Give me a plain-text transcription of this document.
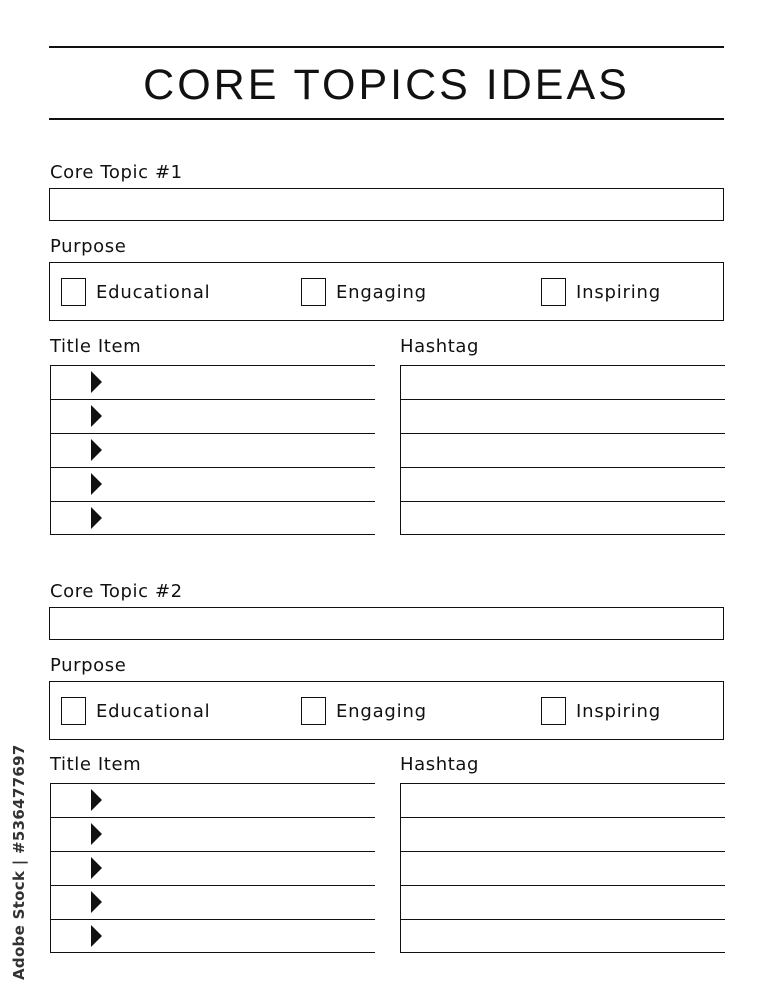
CORE TOPICS IDEAS
Core Topic #1
Purpose
Educational	Engaging	Inspiring
Title Item	Hashtag
Core Topic #2
Purpose
Educational	Engaging	Inspiring
Title Item	Hashtag
Adobe Stock | #536477697
